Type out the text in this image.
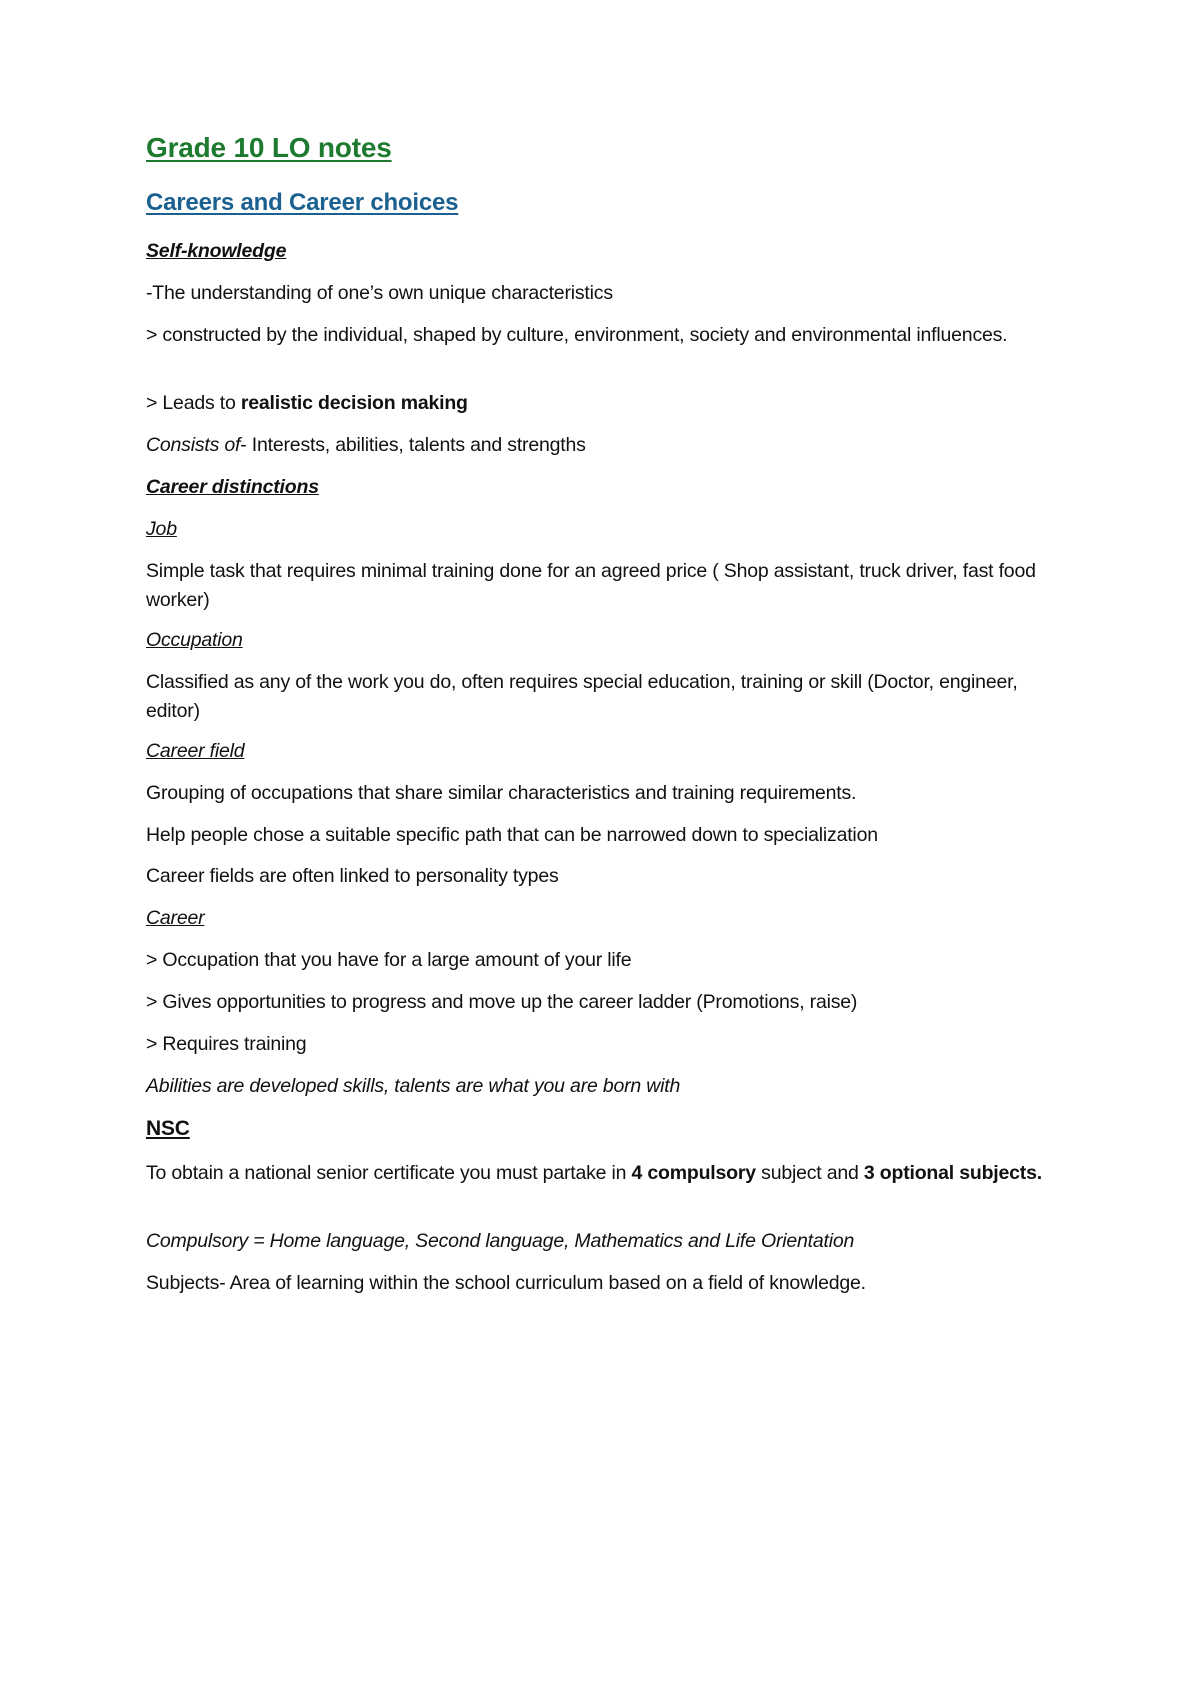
Grade 10 LO notes
Careers and Career choices
Self-knowledge
-The understanding of one’s own unique characteristics
> constructed by the individual, shaped by culture, environment, society and environmental influences.
> Leads to realistic decision making
Consists of- Interests, abilities, talents and strengths
Career distinctions
Job
Simple task that requires minimal training done for an agreed price ( Shop assistant, truck driver, fast food worker)
Occupation
Classified as any of the work you do, often requires special education, training or skill (Doctor, engineer, editor)
Career field
Grouping of occupations that share similar characteristics and training requirements.
Help people chose a suitable specific path that can be narrowed down to specialization
Career fields are often linked to personality types
Career
> Occupation that you have for a large amount of your life
> Gives opportunities to progress and move up the career ladder (Promotions, raise)
> Requires training
Abilities are developed skills, talents are what you are born with
NSC
To obtain a national senior certificate you must partake in 4 compulsory subject and 3 optional subjects.
Compulsory = Home language, Second language, Mathematics and Life Orientation
Subjects- Area of learning within the school curriculum based on a field of knowledge.
